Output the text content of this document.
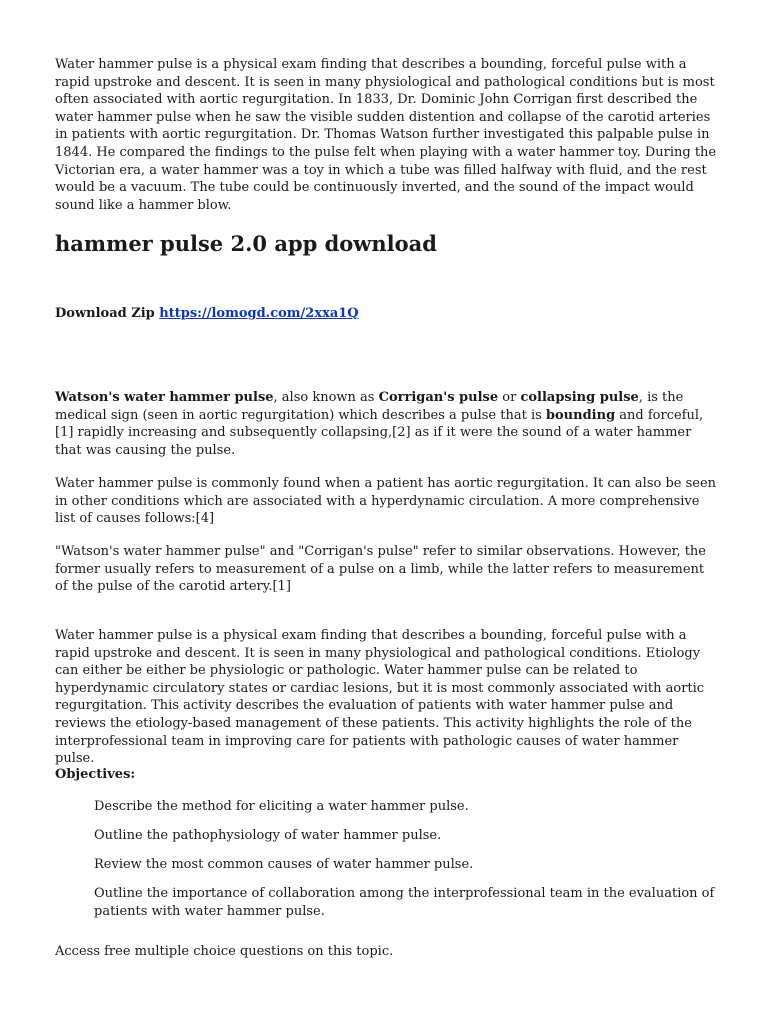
Water hammer pulse is a physical exam finding that describes a bounding, forceful pulse with a rapid upstroke and descent. It is seen in many physiological and pathological conditions but is most often associated with aortic regurgitation. In 1833, Dr. Dominic John Corrigan first described the water hammer pulse when he saw the visible sudden distention and collapse of the carotid arteries in patients with aortic regurgitation. Dr. Thomas Watson further investigated this palpable pulse in 1844. He compared the findings to the pulse felt when playing with a water hammer toy. During the Victorian era, a water hammer was a toy in which a tube was filled halfway with fluid, and the rest would be a vacuum. The tube could be continuously inverted, and the sound of the impact would sound like a hammer blow.

hammer pulse 2.0 app download

Download Zip https://lomogd.com/2xxa1Q

Watson's water hammer pulse, also known as Corrigan's pulse or collapsing pulse, is the medical sign (seen in aortic regurgitation) which describes a pulse that is bounding and forceful,[1] rapidly increasing and subsequently collapsing,[2] as if it were the sound of a water hammer that was causing the pulse.

Water hammer pulse is commonly found when a patient has aortic regurgitation. It can also be seen in other conditions which are associated with a hyperdynamic circulation. A more comprehensive list of causes follows:[4]

"Watson's water hammer pulse" and "Corrigan's pulse" refer to similar observations. However, the former usually refers to measurement of a pulse on a limb, while the latter refers to measurement of the pulse of the carotid artery.[1]

Water hammer pulse is a physical exam finding that describes a bounding, forceful pulse with a rapid upstroke and descent. It is seen in many physiological and pathological conditions. Etiology can either be either be physiologic or pathologic. Water hammer pulse can be related to hyperdynamic circulatory states or cardiac lesions, but it is most commonly associated with aortic regurgitation. This activity describes the evaluation of patients with water hammer pulse and reviews the etiology-based management of these patients. This activity highlights the role of the interprofessional team in improving care for patients with pathologic causes of water hammer pulse.

Objectives:

Describe the method for eliciting a water hammer pulse.
Outline the pathophysiology of water hammer pulse.
Review the most common causes of water hammer pulse.
Outline the importance of collaboration among the interprofessional team in the evaluation of patients with water hammer pulse.

Access free multiple choice questions on this topic.
